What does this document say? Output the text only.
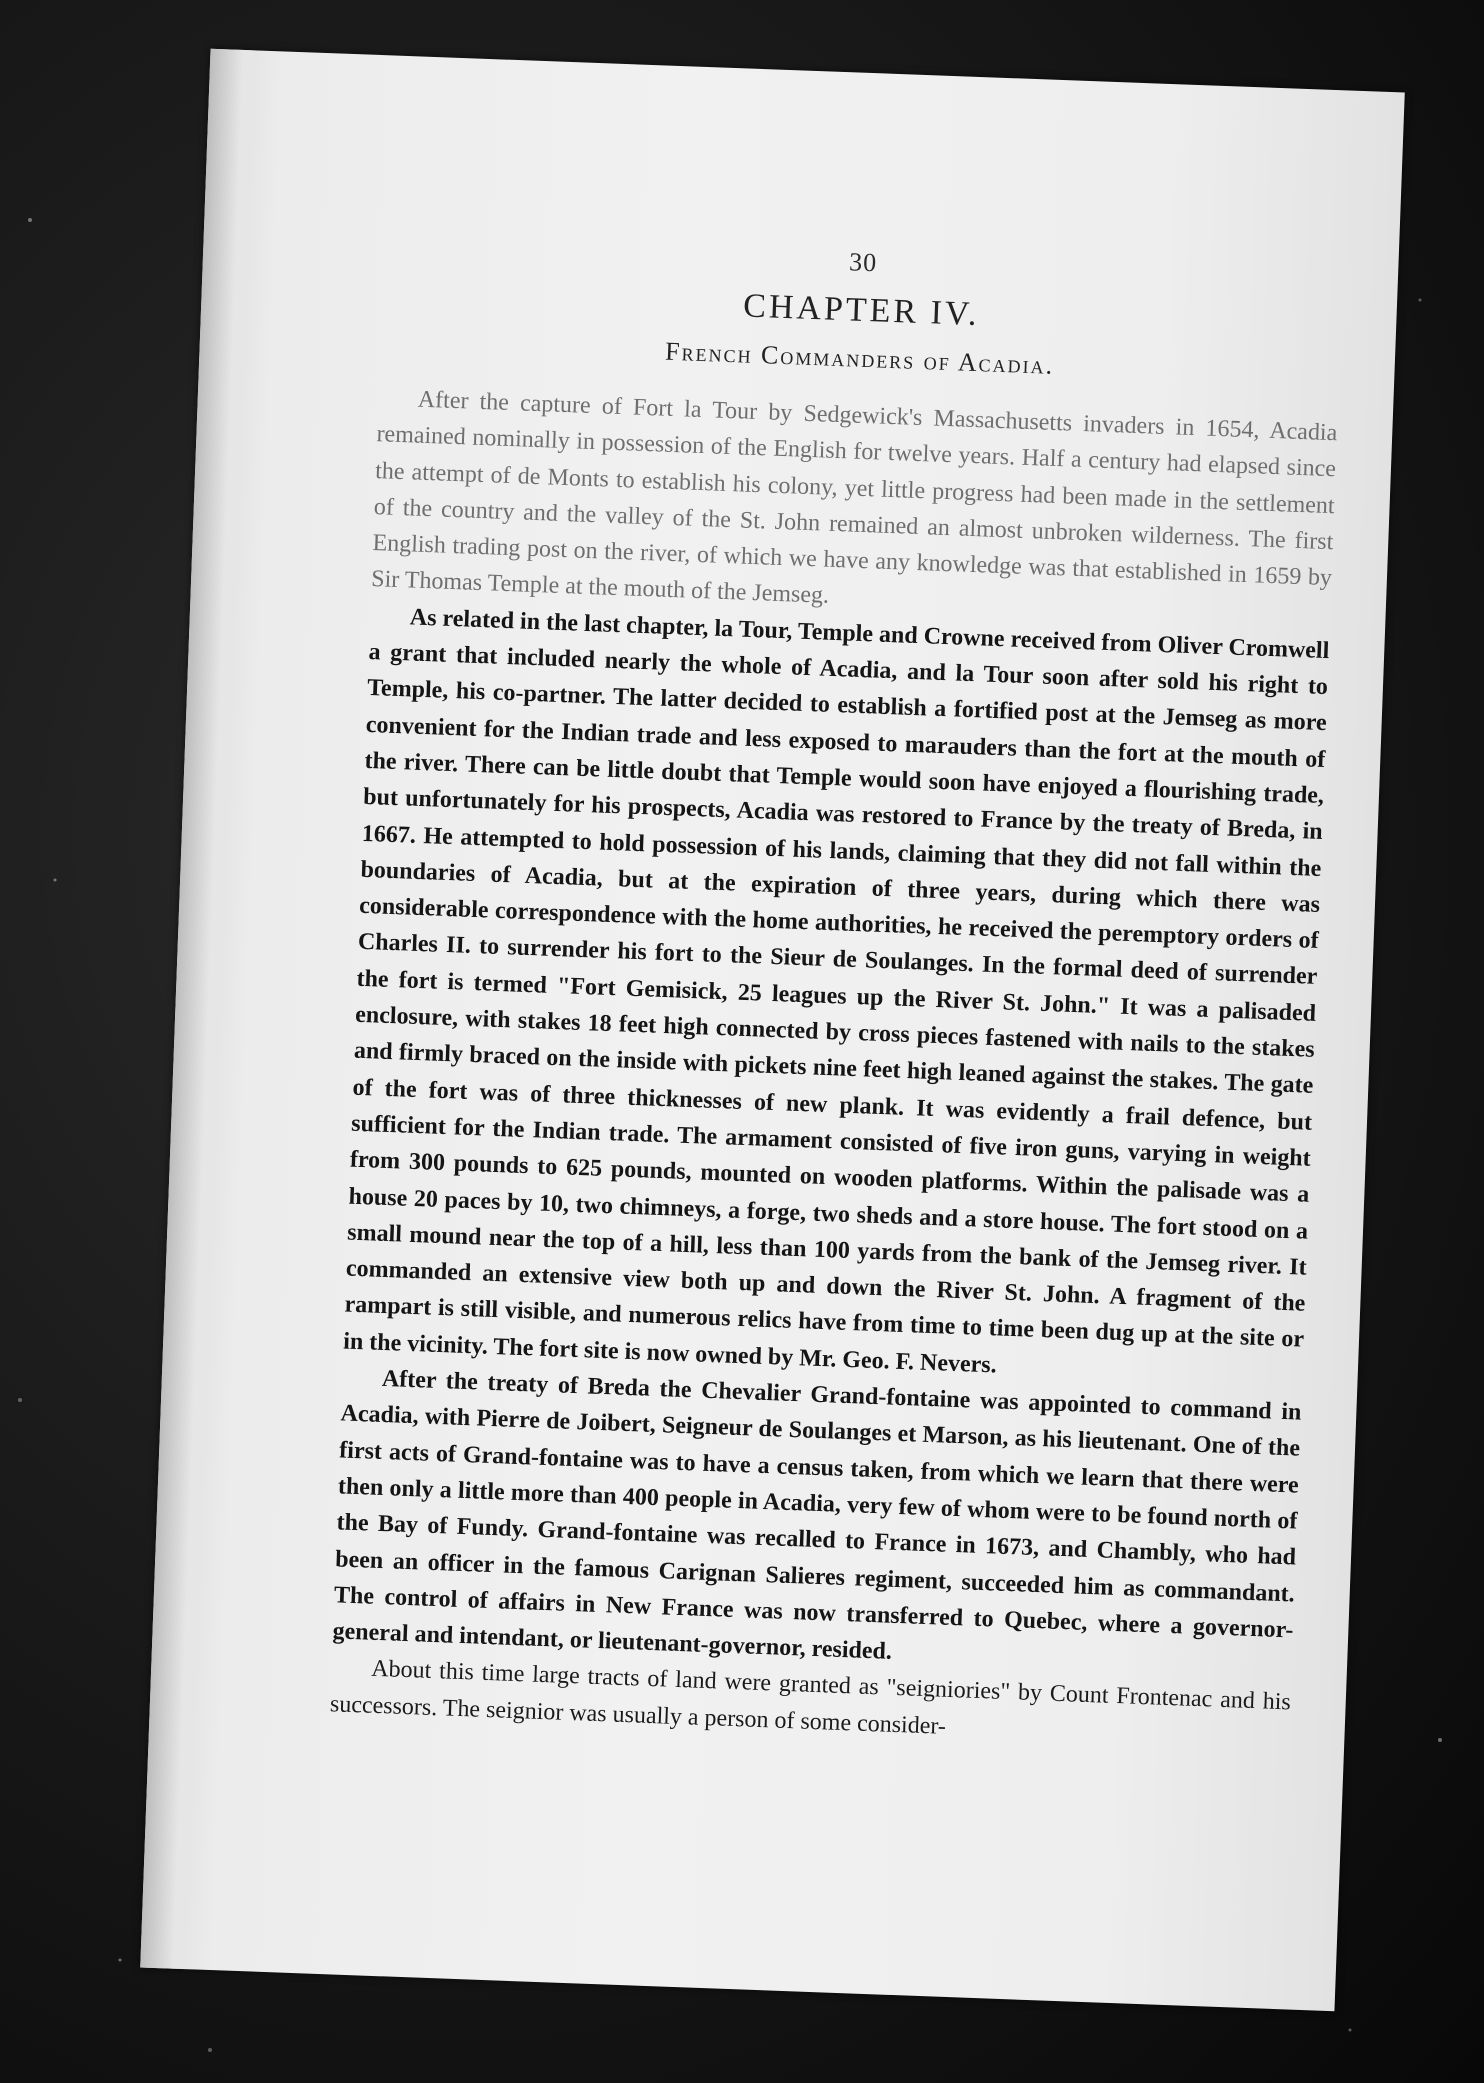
30
CHAPTER IV.
French Commanders of Acadia.

After the capture of Fort la Tour by Sedgewick's Massachusetts invaders in 1654, Acadia remained nominally in possession of the English for twelve years. Half a century had elapsed since the attempt of de Monts to establish his colony, yet little progress had been made in the settlement of the country and the valley of the St. John remained an almost unbroken wilderness. The first English trading post on the river, of which we have any knowledge was that established in 1659 by Sir Thomas Temple at the mouth of the Jemseg.

As related in the last chapter, la Tour, Temple and Crowne received from Oliver Cromwell a grant that included nearly the whole of Acadia, and la Tour soon after sold his right to Temple, his co-partner. The latter decided to establish a fortified post at the Jemseg as more convenient for the Indian trade and less exposed to marauders than the fort at the mouth of the river. There can be little doubt that Temple would soon have enjoyed a flourishing trade, but unfortunately for his prospects, Acadia was restored to France by the treaty of Breda, in 1667. He attempted to hold possession of his lands, claiming that they did not fall within the boundaries of Acadia, but at the expiration of three years, during which there was considerable correspondence with the home authorities, he received the peremptory orders of Charles II. to surrender his fort to the Sieur de Soulanges. In the formal deed of surrender the fort is termed "Fort Gemisick, 25 leagues up the River St. John." It was a palisaded enclosure, with stakes 18 feet high connected by cross pieces fastened with nails to the stakes and firmly braced on the inside with pickets nine feet high leaned against the stakes. The gate of the fort was of three thicknesses of new plank. It was evidently a frail defence, but sufficient for the Indian trade. The armament consisted of five iron guns, varying in weight from 300 pounds to 625 pounds, mounted on wooden platforms. Within the palisade was a house 20 paces by 10, two chimneys, a forge, two sheds and a store house. The fort stood on a small mound near the top of a hill, less than 100 yards from the bank of the Jemseg river. It commanded an extensive view both up and down the River St. John. A fragment of the rampart is still visible, and numerous relics have from time to time been dug up at the site or in the vicinity. The fort site is now owned by Mr. Geo. F. Nevers.

After the treaty of Breda the Chevalier Grand-fontaine was appointed to command in Acadia, with Pierre de Joibert, Seigneur de Soulanges et Marson, as his lieutenant. One of the first acts of Grand-fontaine was to have a census taken, from which we learn that there were then only a little more than 400 people in Acadia, very few of whom were to be found north of the Bay of Fundy. Grand-fontaine was recalled to France in 1673, and Chambly, who had been an officer in the famous Carignan Salieres regiment, succeeded him as commandant. The control of affairs in New France was now transferred to Quebec, where a governor-general and intendant, or lieutenant-governor, resided.

About this time large tracts of land were granted as "seigniories" by Count Frontenac and his successors. The seignior was usually a person of some consider-
